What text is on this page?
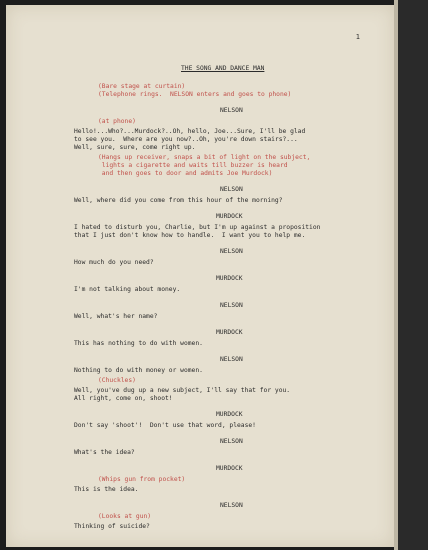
1
THE SONG AND DANCE MAN
(Bare stage at curtain)
(Telephone rings.  NELSON enters and goes to phone)
NELSON
(at phone)
Hello!...Who?...Murdock?..Oh, hello, Joe...Sure, I'll be glad
to see you.  Where are you now?..Oh, you're down stairs?...
Well, sure, sure, come right up.
(Hangs up receiver, snaps a bit of light on the subject,
lights a cigarette and waits till buzzer is heard
and then goes to door and admits Joe Murdock)
NELSON
Well, where did you come from this hour of the morning?
MURDOCK
I hated to disturb you, Charlie, but I'm up against a proposition
that I just don't know how to handle.  I want you to help me.
NELSON
How much do you need?
MURDOCK
I'm not talking about money.
NELSON
Well, what's her name?
MURDOCK
This has nothing to do with women.
NELSON
Nothing to do with money or women.
(Chuckles)
Well, you've dug up a new subject, I'll say that for you.
All right, come on, shoot!
MURDOCK
Don't say 'shoot'!  Don't use that word, please!
NELSON
What's the idea?
MURDOCK
(Whips gun from pocket)
This is the idea.
NELSON
(Looks at gun)
Thinking of suicide?
